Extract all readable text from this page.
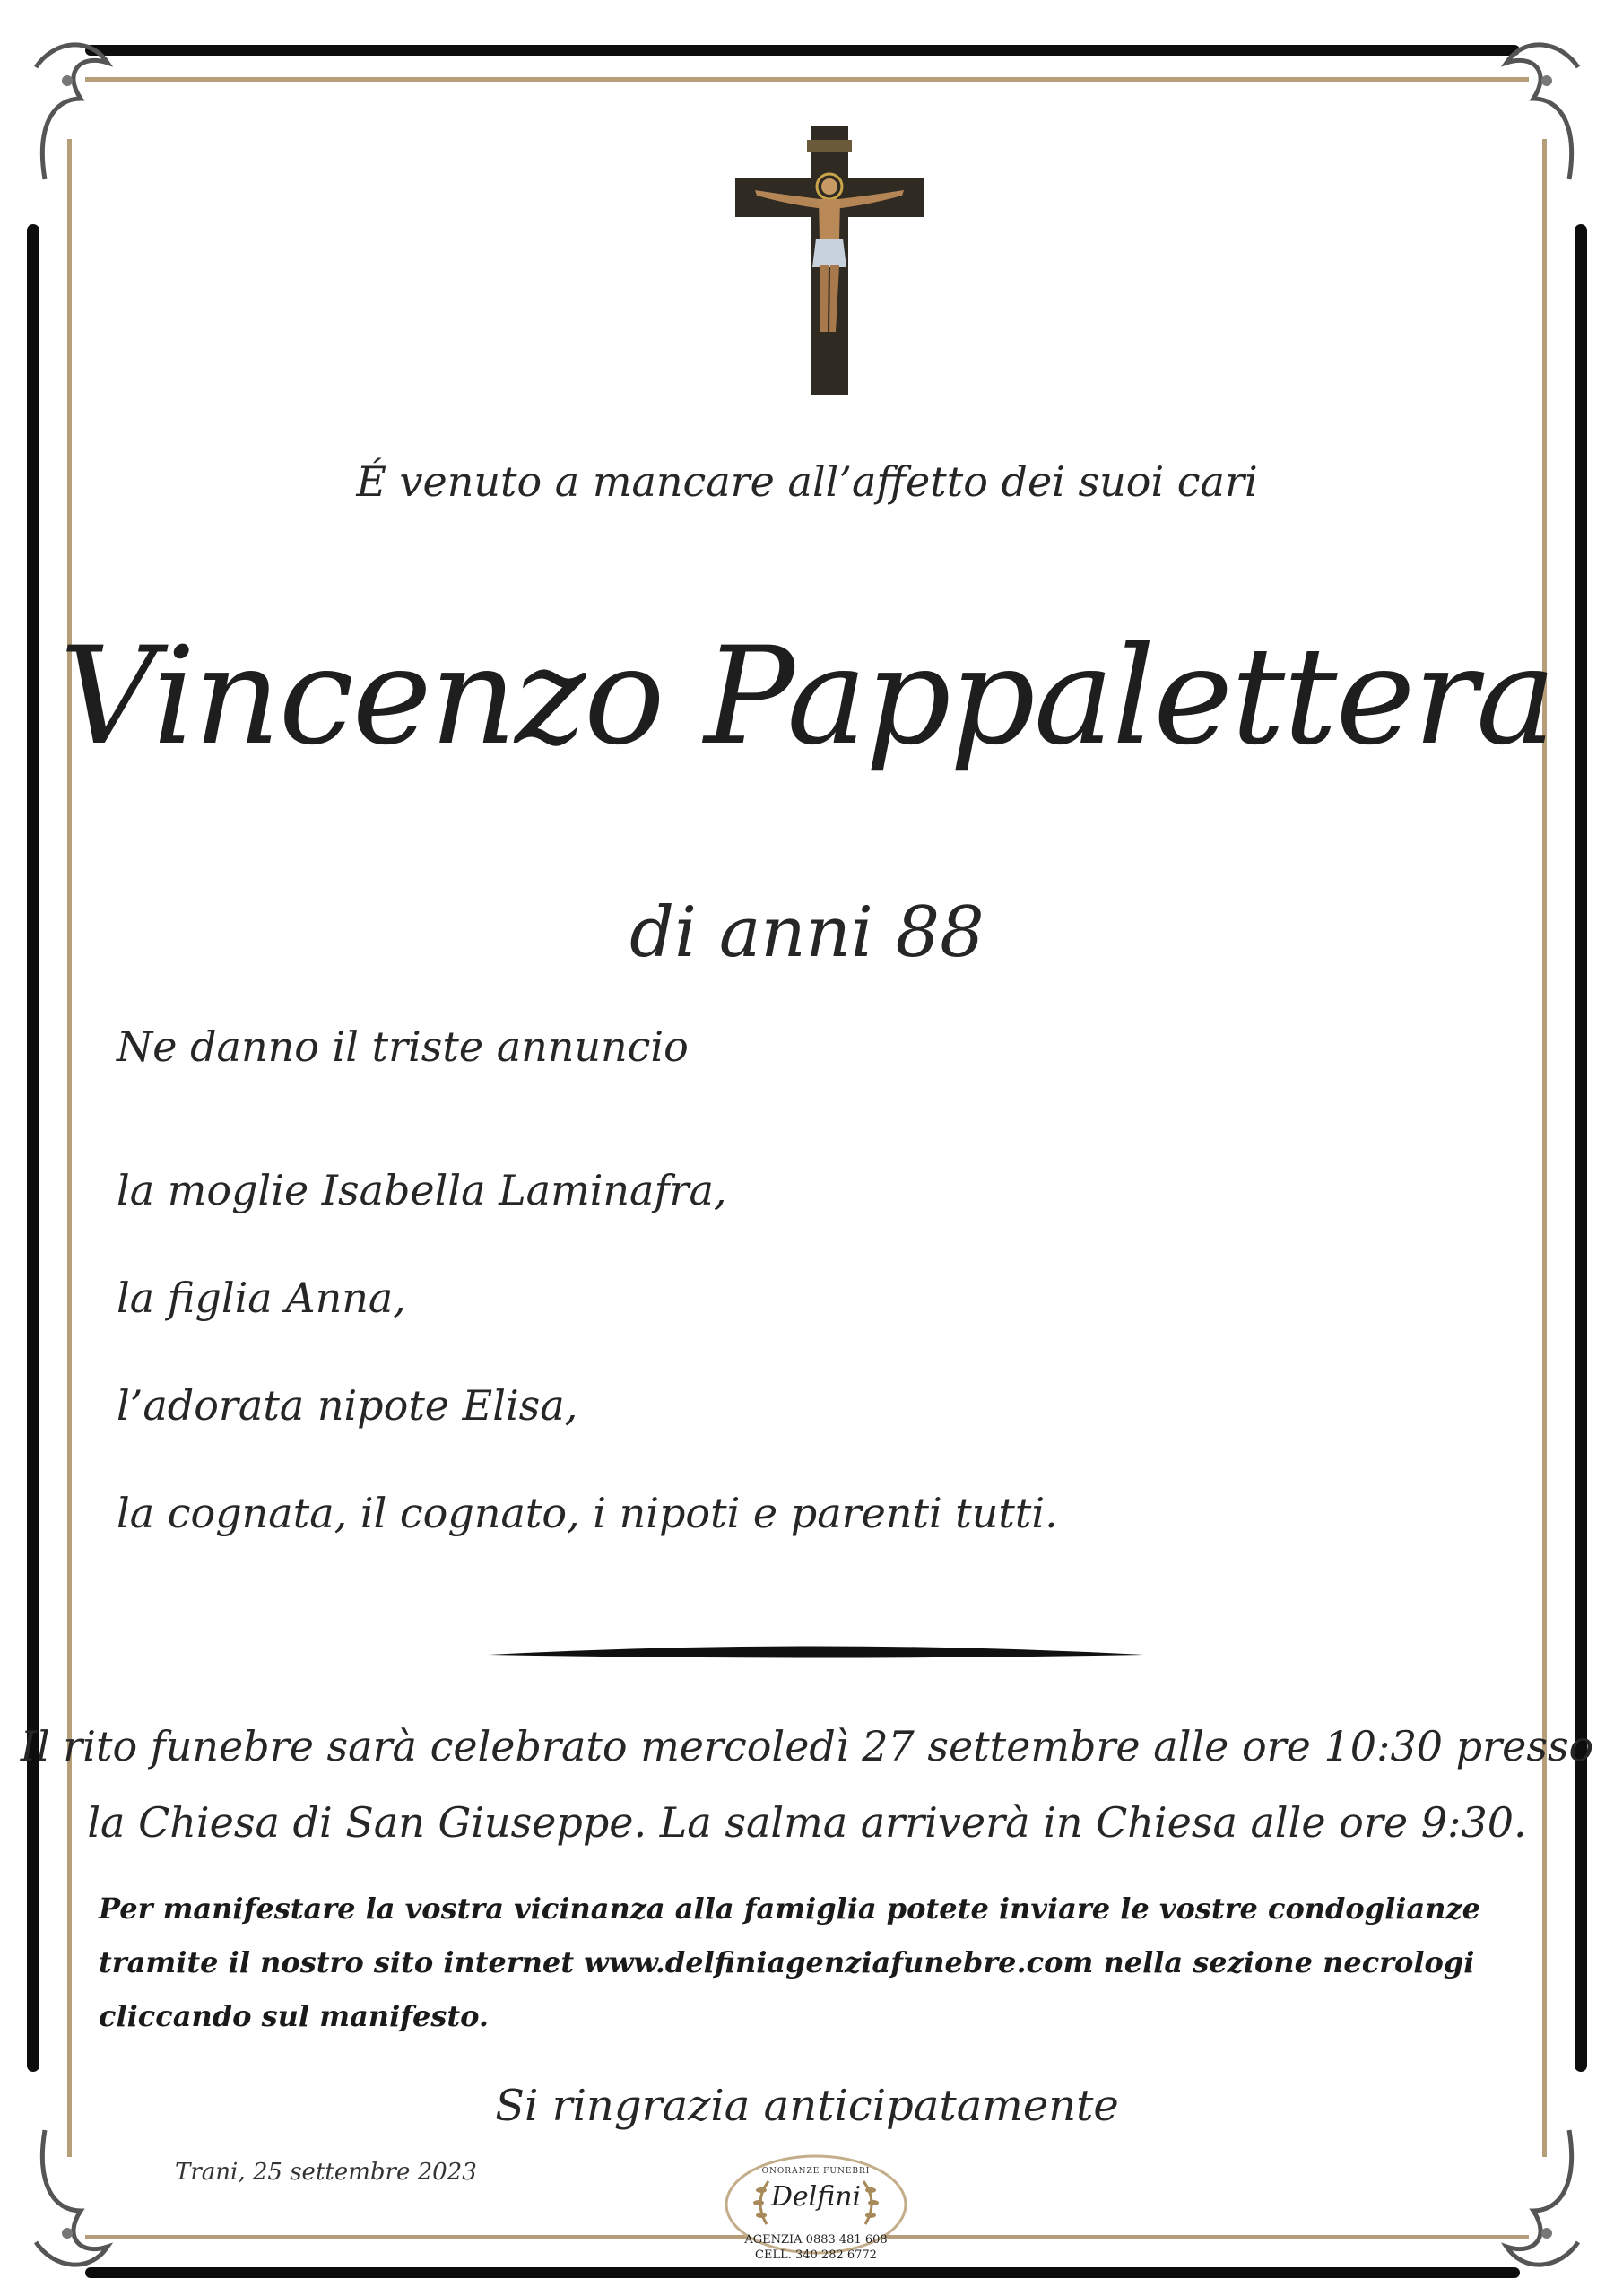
É venuto a mancare all’affetto dei suoi cari
Vincenzo Pappalettera
di anni 88
Ne danno il triste annuncio
la moglie Isabella Laminafra,
la figlia Anna,
l’adorata nipote Elisa,
la cognata, il cognato, i nipoti e parenti tutti.
Il rito funebre sarà celebrato mercoledì 27 settembre alle ore 10:30 presso
la Chiesa di San Giuseppe. La salma arriverà in Chiesa alle ore 9:30.
Per manifestare la vostra vicinanza alla famiglia potete inviare le vostre condoglianze
tramite il nostro sito internet www.delfiniagenziafunebre.com nella sezione necrologi
cliccando sul manifesto.
Si ringrazia anticipatamente
Trani, 25 settembre 2023	ONORANZE FUNEBRI
Delfini
AGENZIA 0883 481 608
CELL. 340 282 6772
